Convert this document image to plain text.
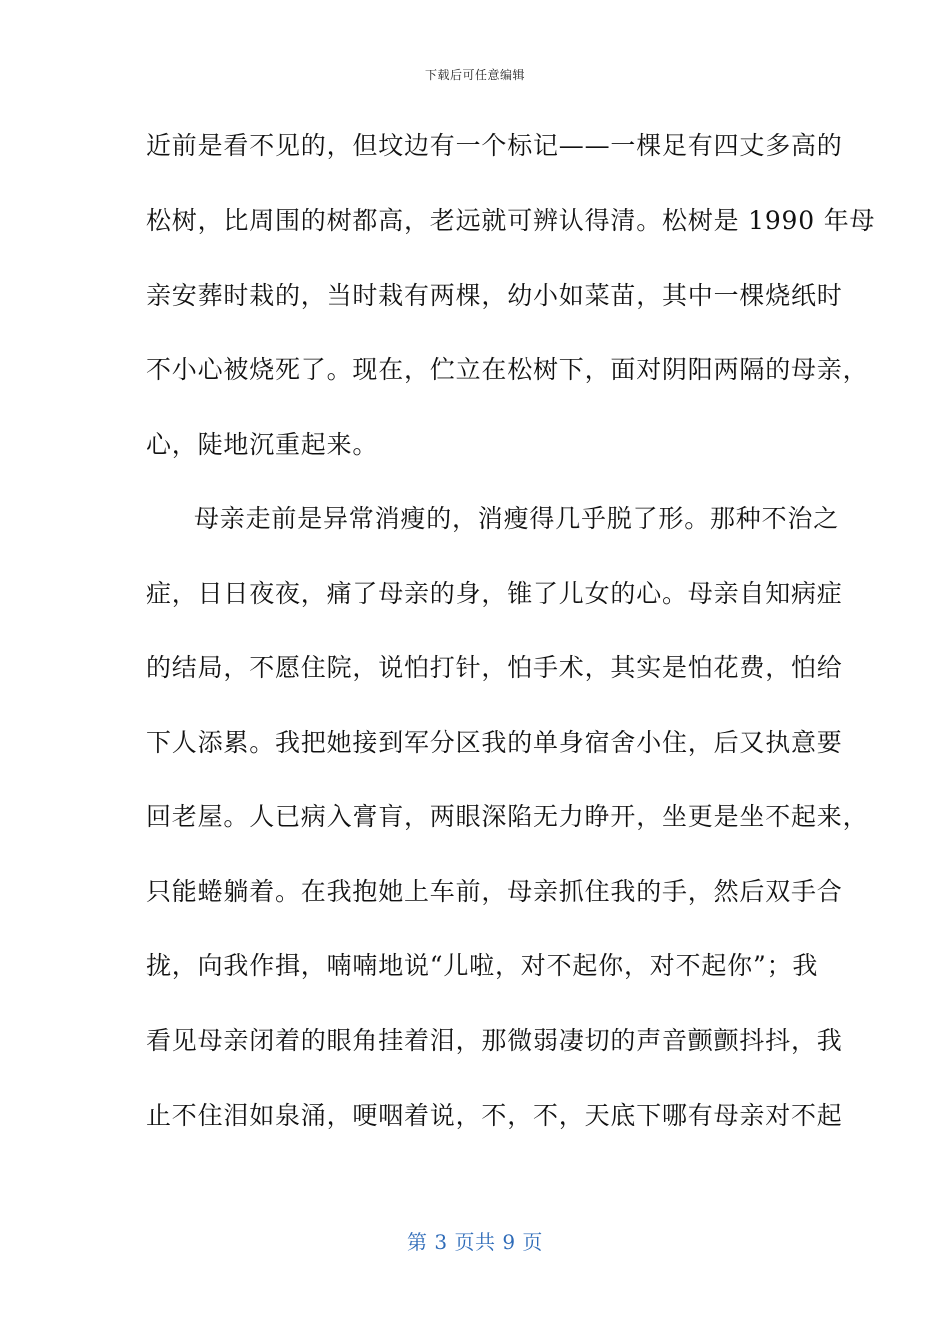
下载后可任意编辑
近前是看不见的，但坟边有一个标记——一棵足有四丈多高的
松树，比周围的树都高，老远就可辨认得清。松树是 1990 年母
亲安葬时栽的，当时栽有两棵，幼小如菜苗，其中一棵烧纸时
不小心被烧死了。现在，伫立在松树下，面对阴阳两隔的母亲，
心，陡地沉重起来。
母亲走前是异常消瘦的，消瘦得几乎脱了形。那种不治之
症，日日夜夜，痛了母亲的身，锥了儿女的心。母亲自知病症
的结局，不愿住院，说怕打针，怕手术，其实是怕花费，怕给
下人添累。我把她接到军分区我的单身宿舍小住，后又执意要
回老屋。人已病入膏肓，两眼深陷无力睁开，坐更是坐不起来，
只能蜷躺着。在我抱她上车前，母亲抓住我的手，然后双手合
拢，向我作揖，喃喃地说“儿啦，对不起你，对不起你”；我
看见母亲闭着的眼角挂着泪，那微弱凄切的声音颤颤抖抖，我
止不住泪如泉涌，哽咽着说，不，不，天底下哪有母亲对不起
第 3 页共 9 页
